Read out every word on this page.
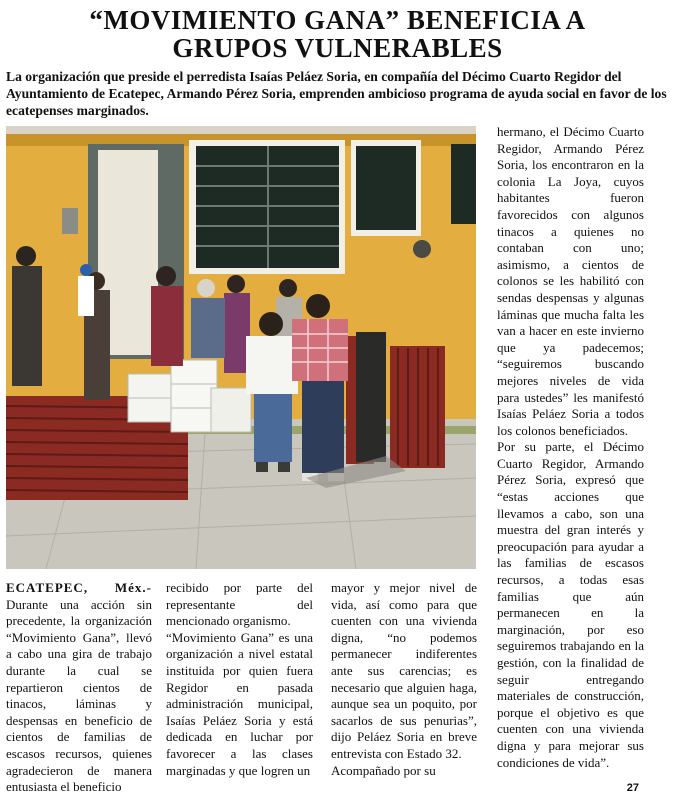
“MOVIMIENTO GANA” BENEFICIA A
GRUPOS VULNERABLES
La organización que preside el perredista Isaías Peláez Soria, en compañía del Décimo Cuarto Regidor del Ayuntamiento de Ecatepec, Armando Pérez Soria, emprenden ambicioso programa de ayuda social en favor de los ecatepenses marginados.

hermano, el Décimo Cuarto Regidor, Armando Pérez Soria, los encontraron en la colonia La Joya, cuyos habitantes fueron favorecidos con algunos tinacos a quienes no contaban con uno; asimismo, a cientos de colonos se les habilitó con sendas despensas y algunas láminas que mucha falta les van a hacer en este invierno que ya padecemos; “seguiremos buscando mejores niveles de vida para ustedes” les manifestó Isaías Peláez Soria a todos los colonos beneficiados.

Por su parte, el Décimo Cuarto Regidor, Armando Pérez Soria, expresó que “estas acciones que llevamos a cabo, son una muestra del gran interés y preocupación para ayudar a las familias de escasos recursos, a todas esas familias que aún permanecen en la marginación, por eso seguiremos trabajando en la gestión, con la finalidad de seguir entregando materiales de construcción, porque el objetivo es que cuenten con una vivienda digna y para mejorar sus condiciones de vida”.

ECATEPEC, Méx.- Durante una acción sin precedente, la organización “Movimiento Gana”, llevó a cabo una gira de trabajo durante la cual se repartieron cientos de tinacos, láminas y despensas en beneficio de cientos de familias de escasos recursos, quienes agradecieron de manera entusiasta el beneficio

recibido por parte del representante del mencionado organismo.

“Movimiento Gana” es una organización a nivel estatal instituida por quien fuera Regidor en pasada administración municipal, Isaías Peláez Soria y está dedicada en luchar por favorecer a las clases marginadas y que logren un

mayor y mejor nivel de vida, así como para que cuenten con una vivienda digna, “no podemos permanecer indiferentes ante sus carencias; es necesario que alguien haga, aunque sea un poquito, por sacarlos de sus penurias”, dijo Peláez Soria en breve entrevista con Estado 32.

Acompañado por su

27
